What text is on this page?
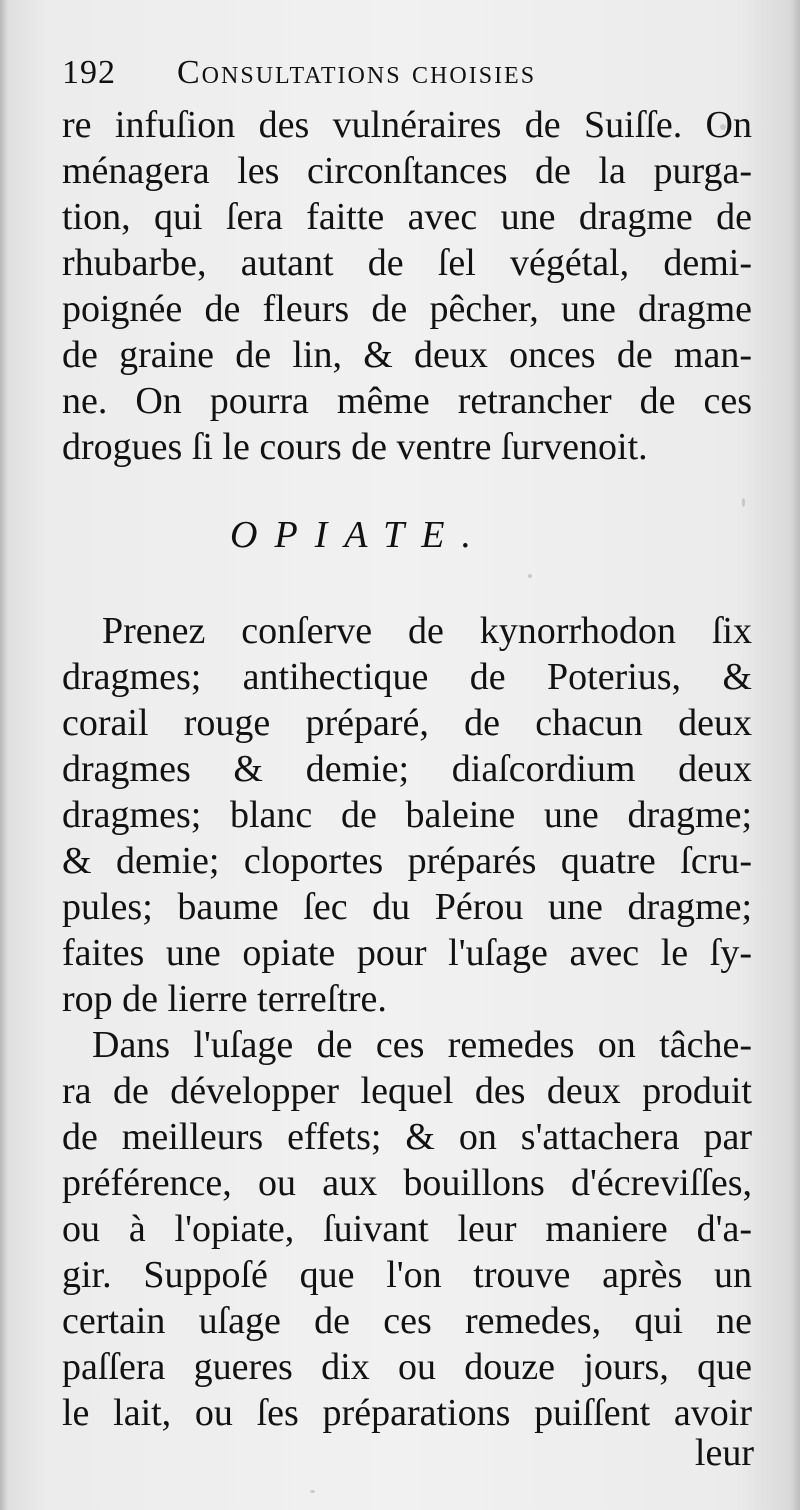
192 Consultations choisies
re infuſion des vulnéraires de Suiſſe. On
ménagera les circonſtances de la purga-
tion, qui ſera faitte avec une dragme de
rhubarbe, autant de ſel végétal, demi-
poignée de fleurs de pêcher, une dragme
de graine de lin, & deux onces de man-
ne. On pourra même retrancher de ces
drogues ſi le cours de ventre ſurvenoit.
OPIATE.
Prenez conſerve de kynorrhodon ſix
dragmes; antihectique de Poterius, &
corail rouge préparé, de chacun deux
dragmes & demie; diaſcordium deux
dragmes; blanc de baleine une dragme;
& demie; cloportes préparés quatre ſcru-
pules; baume ſec du Pérou une dragme;
faites une opiate pour l'uſage avec le ſy-
rop de lierre terreſtre.
Dans l'uſage de ces remedes on tâche-
ra de développer lequel des deux produit
de meilleurs effets; & on s'attachera par
préférence, ou aux bouillons d'écreviſſes,
ou à l'opiate, ſuivant leur maniere d'a-
gir. Suppoſé que l'on trouve après un
certain uſage de ces remedes, qui ne
paſſera gueres dix ou douze jours, que
le lait, ou ſes préparations puiſſent avoir
leur
